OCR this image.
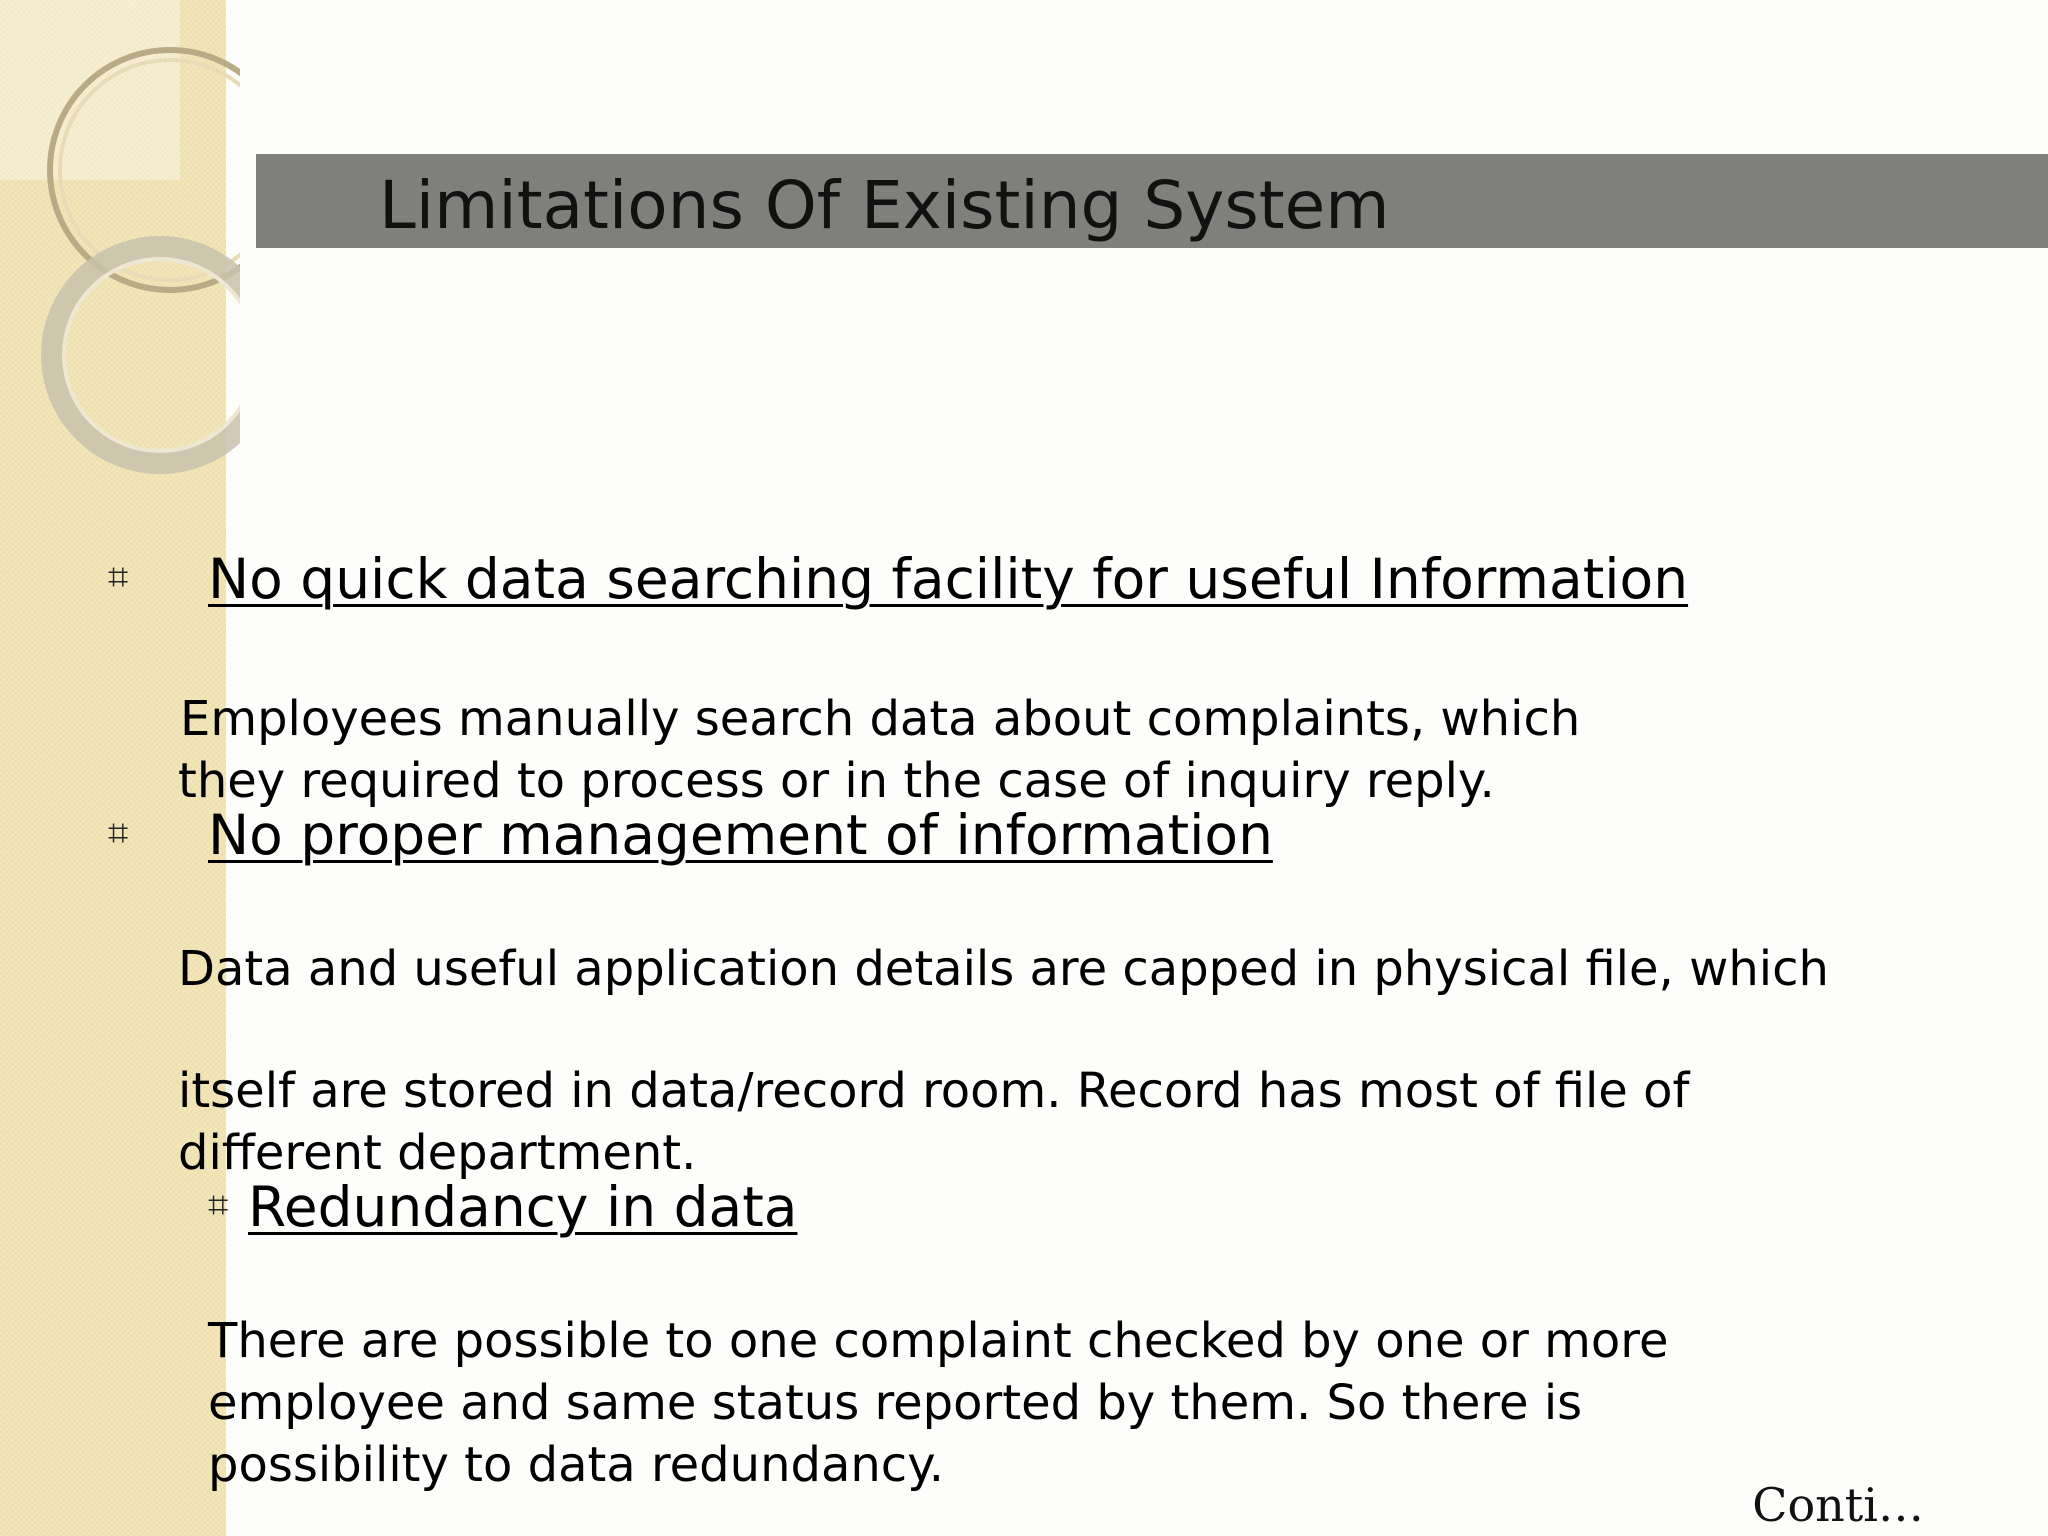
Limitations Of Existing System
⌗ No quick data searching facility for useful Information
Employees manually search data about complaints, which
they required to process or in the case of inquiry reply.
⌗ No proper management of information
Data and useful application details are capped in physical file, which
itself are stored in data/record room. Record has most of file of
different department.
⌗ Redundancy in data
There are possible to one complaint checked by one or more
employee and same status reported by them. So there is
possibility to data redundancy.
Conti…
